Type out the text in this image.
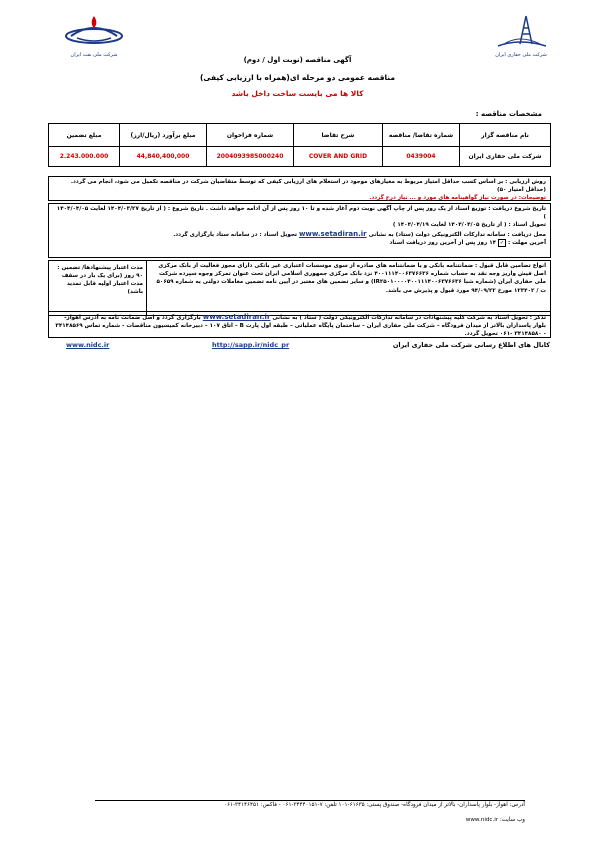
شرکت ملی نفت ایران	شرکت ملی حفاری ایران
آگهی مناقصه (نوبت اول / دوم)
مناقصه عمومی دو مرحله ای(همراه با ارزیابی کیفی)
کالا ها می بایست ساخت داخل باشد
مشخصات مناقصه :
نام مناقصه گزار	شماره تقاضا/ مناقصه	شرح تقاضا	شماره فراخوان	مبلغ برآورد (ریال/ارز)	مبلغ تضمین
شرکت ملی حفاری ایران	0439004	COVER AND GRID	2004093985000240	44,840,400,000	2.243.000.000

روش ارزیابی : بر اساس کسب حداقل امتیاز مربوط به معیارهای موجود در استعلام های ارزیابی کیفی که توسط متقاضیان شرکت در مناقصه تکمیل می شود، انجام می گردد.(حداقل امتیاز ۵۰)

توضیحات: در صورت نیاز گواهینامه های مورد و ... نیاز درج گردد.

تاریخ شروع دریافت : توزیع اسناد از یک روز پس از چاپ آگهی نوبت دوم آغاز شده و تا ۱۰ روز پس از آن ادامه خواهد داشت . تاریخ شروع : ( از تاریخ ۱۴۰۴/۰۳/۲۷ لغایت ۱۴۰۴/۰۴/۰۵ )

تحویل اسناد : ( از تاریخ ۱۴۰۴/۰۴/۰۵ لغایت ۱۴۰۴/۰۴/۱۹ )

محل دریافت : سامانه تدارکات الکترونیکی دولت (ستاد) به نشانی www.setadiran.ir تحویل اسناد : در سامانه ستاد بارگزاری گردد.

آخرین مهلت : ✓ ۱۴ روز پس از آخرین روز دریافت اسناد

انواع تضامین قابل قبول : ضمانتنامه بانکی و یا ضمانتنامه های صادره از سوی موسسات اعتباری غیر بانکی دارای مجوز فعالیت از بانک مرکزی اصل فیش واریز وجه نقد به حساب شماره ۴۰۰۱۱۱۴۰۰۶۳۷۶۶۳۶ نزد بانک مرکزی جمهوری اسلامی ایران تحت عنوان تمرکز وجوه سپرده شرکت ملی حفاری ایران (شماره شبا IR۲۵۰۱۰۰۰۰۴۰۰۱۱۱۴۰۰۶۳۷۶۶۳۶) و سایر تضمین های معتبر در آیین نامه تضمین معاملات دولتی به شماره ۵۰۶۵۹ ت / ۱۲۳۴۰۲ مورخ ۹۴/۰۹/۲۲ مورد قبول و پذیرش می باشد.
مدت اعتبار پیشنهادها/ تضمین : ۹۰ روز (برای یک بار در سقف مدت اعتبار اولیه قابل تمدید باشد)
تذکر : تحویل اسناد به شرکت کلیه پیشنهادات در سامانه تدارکات الکترونیکی دولت ( ستاد ) به نشانی www.setadiran.ir بارگزاری گردد و اصل ضمانت نامه به آدرس اهواز- بلوار پاسداران بالاتر از میدان فرودگاه – شرکت ملی حفاری ایران – ساختمان پایگاه عملیاتی – طبقه اول پارت B – اتاق ۱۰۷ – دبیرخانه کمیسیون مناقصات - شماره تماس ۳۴۱۴۸۵۶۹ - ۳۴۱۴۸۵۸۰ -۰۶۱ تحویل گردد.
کانال های اطلاع رسانی شرکت ملی حفاری ایران
http://sapp.ir/nidc_pr
www.nidc.ir
آدرس: اهواز- بلوار پاسداران- بالاتر از میدان فرودگاه- صندوق پستی: ۶۱۶۳۵-۱۰۱ تلفن: ۷-۳۴۴۴۰۱۵۱-۰۶۱ - فاکس: ۳۴۱۴۶۴۵۱-۰۶۱
وب سایت: www.nidc.ir
